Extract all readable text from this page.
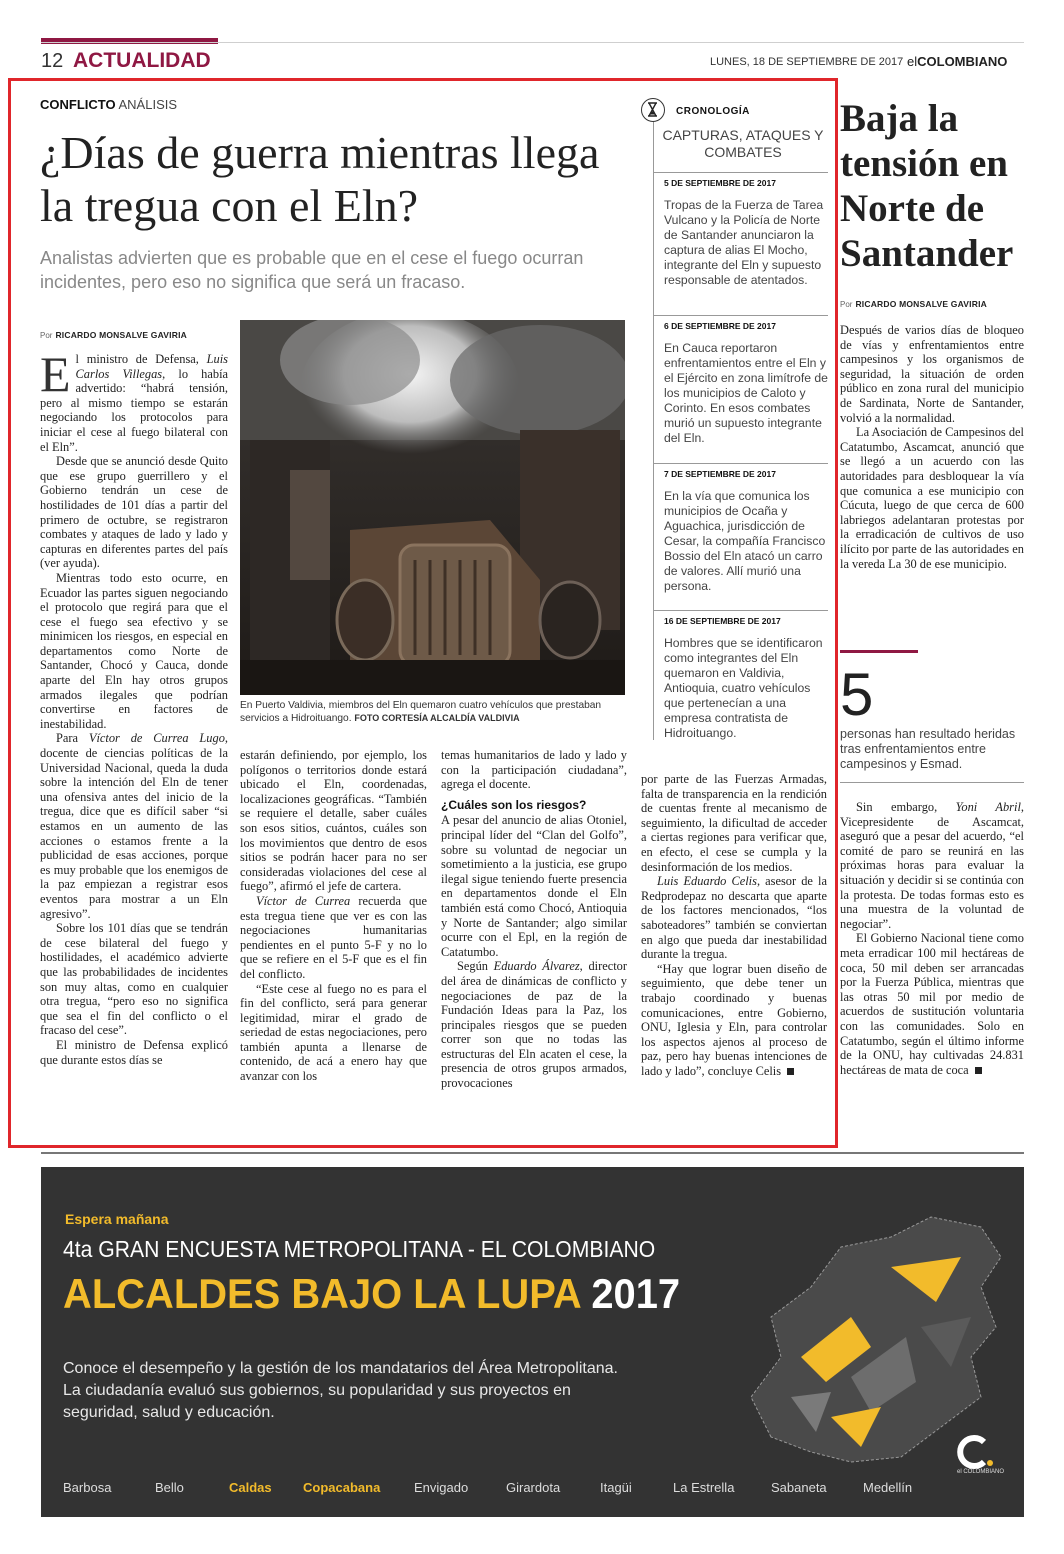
12 ACTUALIDAD	LUNES, 18 DE SEPTIEMBRE DE 2017 elCOLOMBIANO
CONFLICTO ANÁLISIS
¿Días de guerra mientras llega la tregua con el Eln?

Analistas advierten que es probable que en el cese el fuego ocurran incidentes, pero eso no significa que será un fracaso.

Por RICARDO MONSALVE GAVIRIA

El ministro de Defensa, Luis Carlos Villegas, lo había advertido: “habrá tensión, pero al mismo tiempo se estarán negociando los protocolos para iniciar el cese al fuego bilateral con el Eln”.

Desde que se anunció desde Quito que ese grupo guerrillero y el Gobierno tendrán un cese de hostilidades de 101 días a partir del primero de octubre, se registraron combates y ataques de lado y lado y capturas en diferentes partes del país (ver ayuda).

Mientras todo esto ocurre, en Ecuador las partes siguen negociando el protocolo que regirá para que el cese el fuego sea efectivo y se minimicen los riesgos, en especial en departamentos como Norte de Santander, Chocó y Cauca, donde aparte del Eln hay otros grupos armados ilegales que podrían convertirse en factores de inestabilidad.

Para Víctor de Currea Lugo, docente de ciencias políticas de la Universidad Nacional, queda la duda sobre la intención del Eln de tener una ofensiva antes del inicio de la tregua, dice que es difícil saber “si estamos en un aumento de las acciones o estamos frente a la publicidad de esas acciones, porque es muy probable que los enemigos de la paz empiezan a registrar esos eventos para mostrar a un Eln agresivo”.

Sobre los 101 días que se tendrán de cese bilateral del fuego y hostilidades, el académico advierte que las probabilidades de incidentes son muy altas, como en cualquier otra tregua, “pero eso no significa que sea el fin del conflicto o el fracaso del cese”.

El ministro de Defensa explicó que durante estos días se

En Puerto Valdivia, miembros del Eln quemaron cuatro vehículos que prestaban servicios a Hidroituango. FOTO CORTESÍA ALCALDÍA VALDIVIA

estarán definiendo, por ejemplo, los polígonos o territorios donde estará ubicado el Eln, coordenadas, localizaciones geográficas. “También se requiere el detalle, saber cuáles son esos sitios, cuántos, cuáles son los movimientos que dentro de esos sitios se podrán hacer para no ser consideradas violaciones del cese al fuego”, afirmó el jefe de cartera.

Víctor de Currea recuerda que esta tregua tiene que ver es con las negociaciones humanitarias pendientes en el punto 5-F y no lo que se refiere en el 5-F que es el fin del conflicto.

“Este cese al fuego no es para el fin del conflicto, será para generar legitimidad, mirar el grado de seriedad de estas negociaciones, pero también apunta a llenarse de contenido, de acá a enero hay que avanzar con los

temas humanitarios de lado y lado y con la participación ciudadana”, agrega el docente.

¿Cuáles son los riesgos?

A pesar del anuncio de alias Otoniel, principal líder del “Clan del Golfo”, sobre su voluntad de negociar un sometimiento a la justicia, ese grupo ilegal sigue teniendo fuerte presencia en departamentos donde el Eln también está como Chocó, Antioquia y Norte de Santander; algo similar ocurre con el Epl, en la región de Catatumbo.

Según Eduardo Álvarez, director del área de dinámicas de conflicto y negociaciones de paz de la Fundación Ideas para la Paz, los principales riesgos que se pueden correr son que no todas las estructuras del Eln acaten el cese, la presencia de otros grupos armados, provocaciones

por parte de las Fuerzas Armadas, falta de transparencia en la rendición de cuentas frente al mecanismo de seguimiento, la dificultad de acceder a ciertas regiones para verificar que, en efecto, el cese se cumpla y la desinformación de los medios.

Luis Eduardo Celis, asesor de la Redprodepaz no descarta que aparte de los factores mencionados, “los saboteadores” también se conviertan en algo que pueda dar inestabilidad durante la tregua.

“Hay que lograr buen diseño de seguimiento, que debe tener un trabajo coordinado y buenas comunicaciones, entre Gobierno, ONU, Iglesia y Eln, para controlar los aspectos ajenos al proceso de paz, pero hay buenas intenciones de lado y lado”, concluye Celis

CRONOLOGÍA
CAPTURAS, ATAQUES Y COMBATES
5 DE SEPTIEMBRE DE 2017
Tropas de la Fuerza de Tarea Vulcano y la Policía de Norte de Santander anunciaron la captura de alias El Mocho, integrante del Eln y supuesto responsable de atentados.
6 DE SEPTIEMBRE DE 2017
En Cauca reportaron enfrentamientos entre el Eln y el Ejército en zona limítrofe de los municipios de Caloto y Corinto. En esos combates murió un supuesto integrante del Eln.
7 DE SEPTIEMBRE DE 2017
En la vía que comunica los municipios de Ocaña y Aguachica, jurisdicción de Cesar, la compañía Francisco Bossio del Eln atacó un carro de valores. Allí murió una persona.
16 DE SEPTIEMBRE DE 2017
Hombres que se identificaron como integrantes del Eln quemaron en Valdivia, Antioquia, cuatro vehículos que pertenecían a una empresa contratista de Hidroituango.
Baja la tensión en Norte de Santander
Por RICARDO MONSALVE GAVIRIA

Después de varios días de bloqueo de vías y enfrentamientos entre campesinos y los organismos de seguridad, la situación de orden público en zona rural del municipio de Sardinata, Norte de Santander, volvió a la normalidad.

La Asociación de Campesinos del Catatumbo, Ascamcat, anunció que se llegó a un acuerdo con las autoridades para desbloquear la vía que comunica a ese municipio con Cúcuta, luego de que cerca de 600 labriegos adelantaran protestas por la erradicación de cultivos de uso ilícito por parte de las autoridades en la vereda La 30 de ese municipio.

5
personas han resultado heridas tras enfrentamientos entre campesinos y Esmad.

Sin embargo, Yoni Abril, Vicepresidente de Ascamcat, aseguró que a pesar del acuerdo, “el comité de paro se reunirá en las próximas horas para evaluar la situación y decidir si se continúa con la protesta. De todas formas esto es una muestra de la voluntad de negociar”.

El Gobierno Nacional tiene como meta erradicar 100 mil hectáreas de coca, 50 mil deben ser arrancadas por la Fuerza Pública, mientras que las otras 50 mil por medio de acuerdos de sustitución voluntaria con las comunidades. Solo en Catatumbo, según el último informe de la ONU, hay cultivadas 24.831 hectáreas de mata de coca

Espera mañana
4ta GRAN ENCUESTA METROPOLITANA - EL COLOMBIANO
ALCALDES BAJO LA LUPA 2017
Conoce el desempeño y la gestión de los mandatarios del Área Metropolitana. La ciudadanía evaluó sus gobiernos, su popularidad y sus proyectos en seguridad, salud y educación.
el COLOMBIANO
Barbosa	Bello	Caldas Copacabana	Envigado	Girardota	Itagüi	La Estrella	Sabaneta	Medellín
